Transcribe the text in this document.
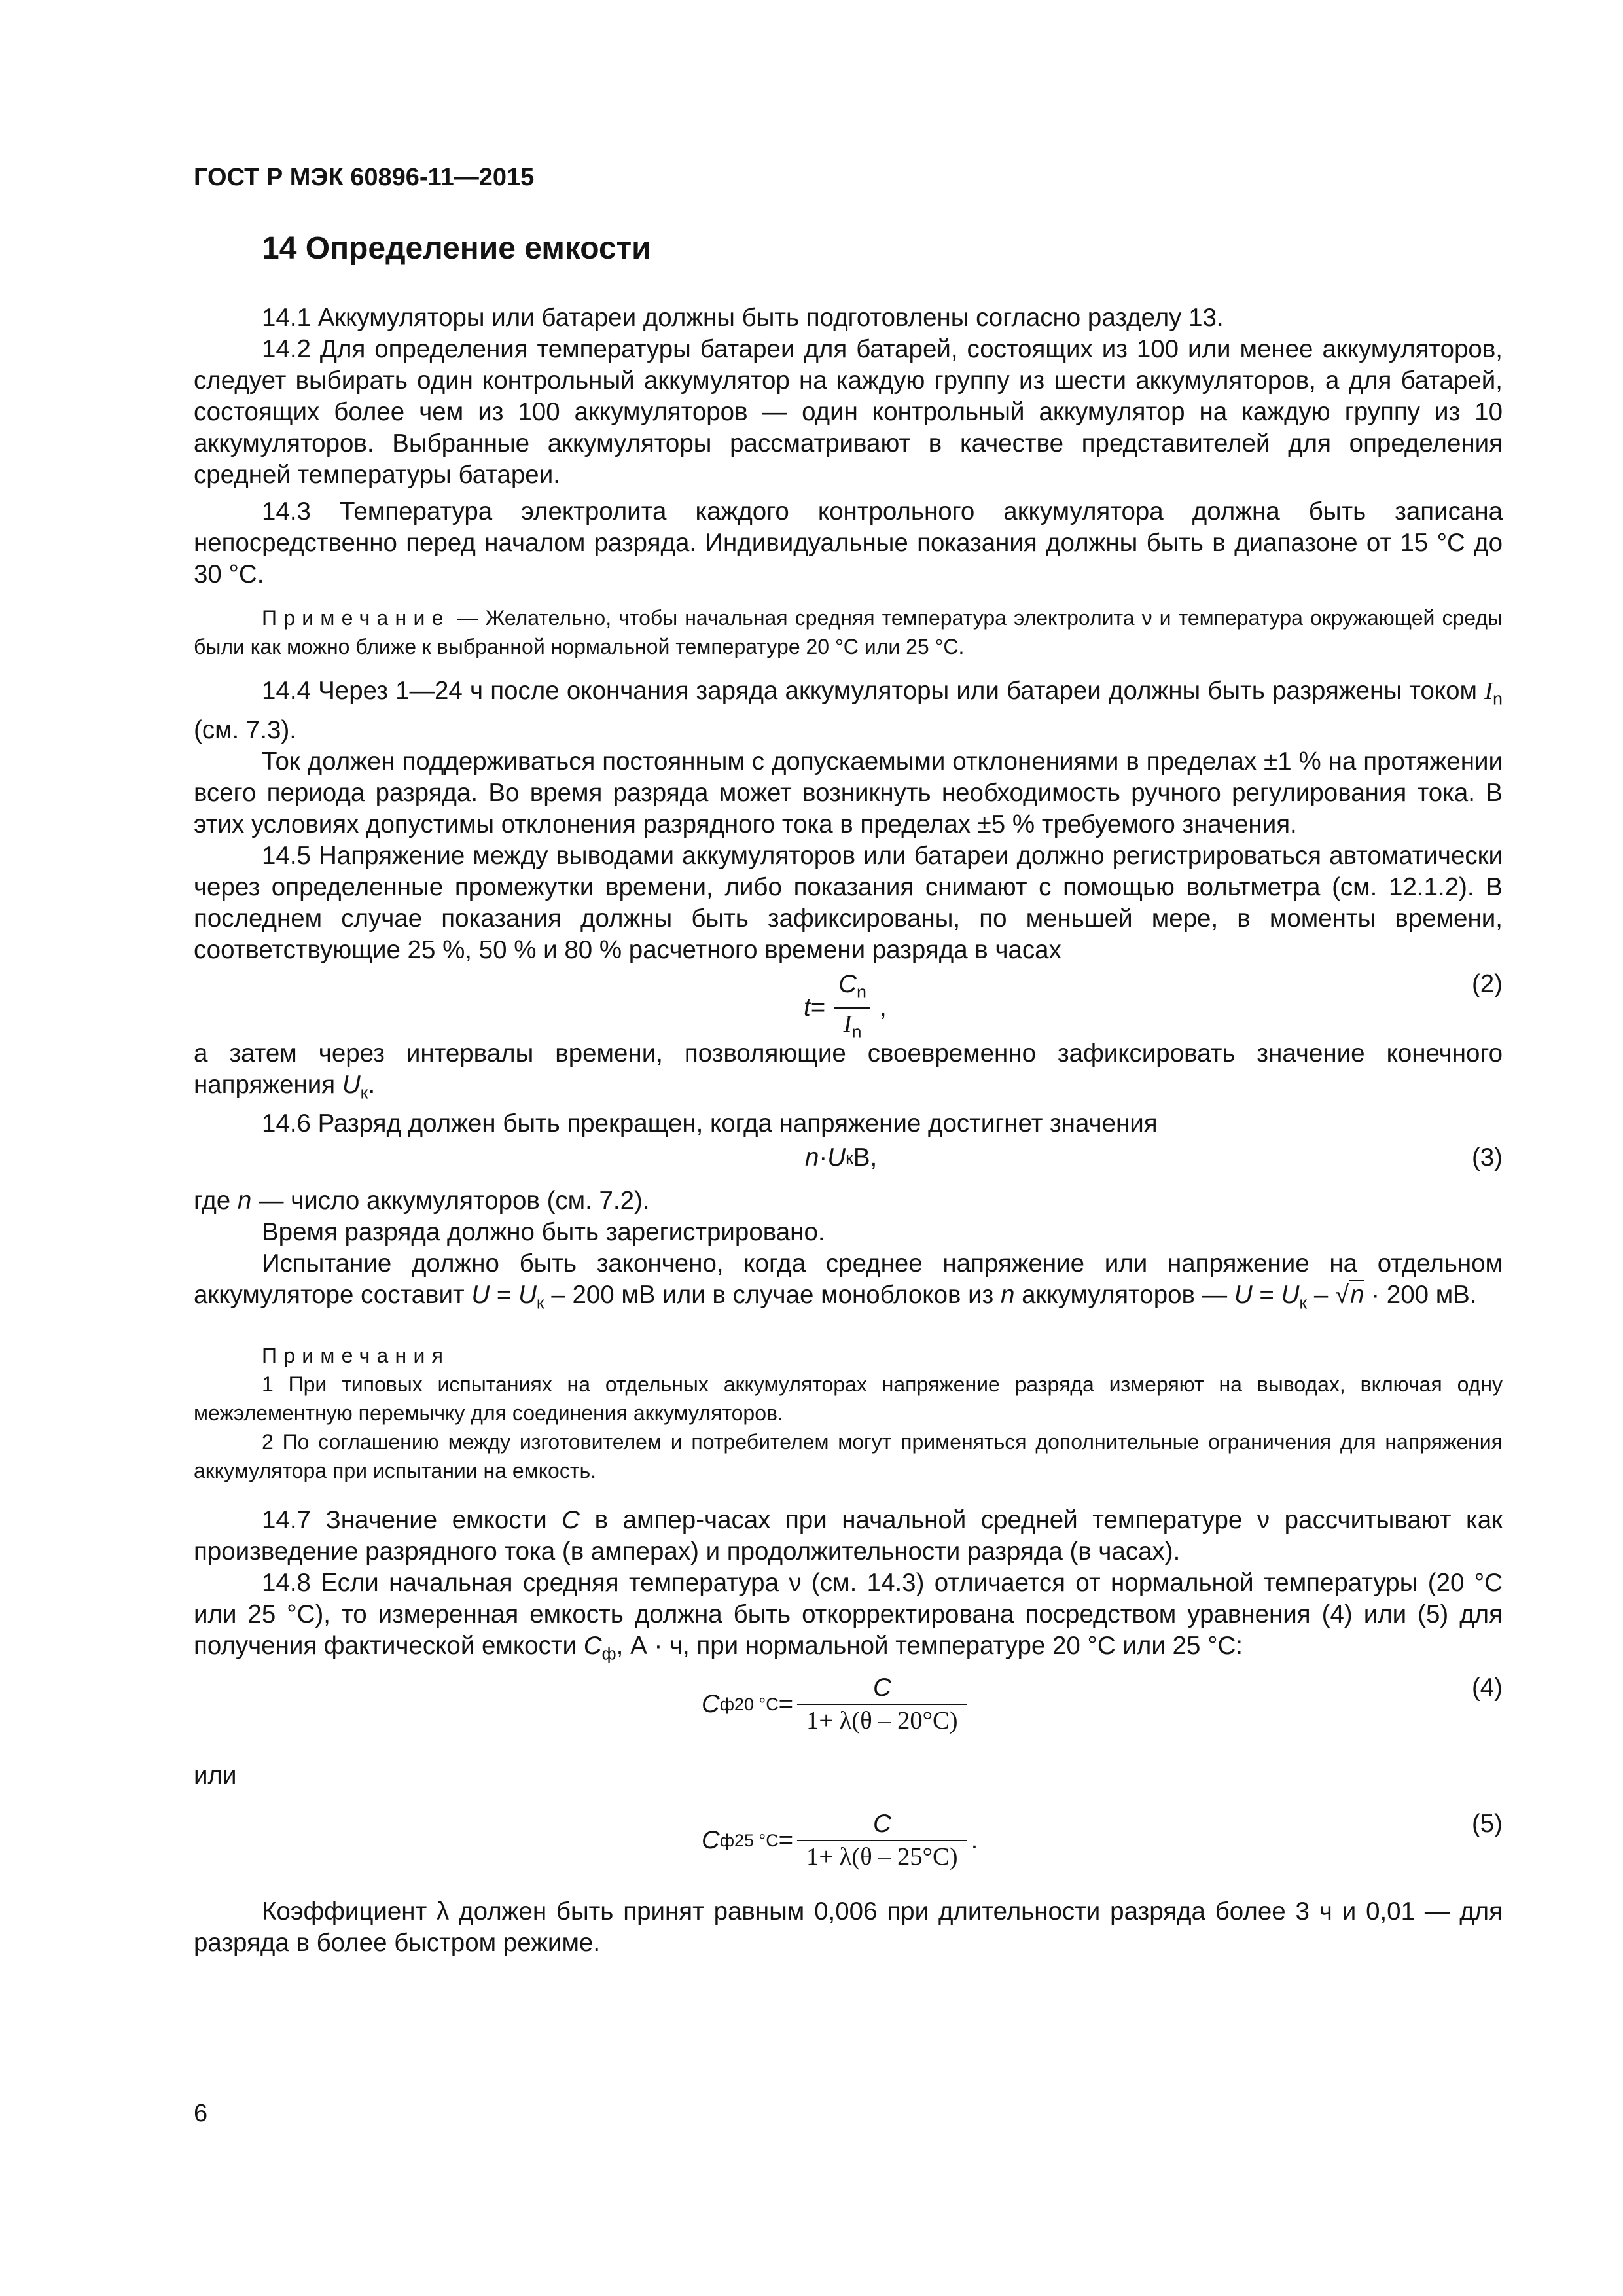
ГОСТ Р МЭК 60896-11—2015
14 Определение емкости

14.1 Аккумуляторы или батареи должны быть подготовлены согласно разделу 13.

14.2 Для определения температуры батареи для батарей, состоящих из 100 или менее аккумуляторов, следует выбирать один контрольный аккумулятор на каждую группу из шести аккумуляторов, а для батарей, состоящих более чем из 100 аккумуляторов — один контрольный аккумулятор на каждую группу из 10 аккумуляторов. Выбранные аккумуляторы рассматривают в качестве представителей для определения средней температуры батареи.

14.3 Температура электролита каждого контрольного аккумулятора должна быть записана непосредственно перед началом разряда. Индивидуальные показания должны быть в диапазоне от 15 °С до 30 °С.

Примечание — Желательно, чтобы начальная средняя температура электролита ν и температура окружающей среды были как можно ближе к выбранной нормальной температуре 20 °С или 25 °С.

14.4 Через 1—24 ч после окончания заряда аккумуляторы или батареи должны быть разряжены током $I_n$ (см. 7.3).

Ток должен поддерживаться постоянным с допускаемыми отклонениями в пределах ±1 % на протяжении всего периода разряда. Во время разряда может возникнуть необходимость ручного регулирования тока. В этих условиях допустимы отклонения разрядного тока в пределах ±5 % требуемого значения.

14.5 Напряжение между выводами аккумуляторов или батареи должно регистрироваться автоматически через определенные промежутки времени, либо показания снимают с помощью вольтметра (см. 12.1.2). В последнем случае показания должны быть зафиксированы, по меньшей мере, в моменты времени, соответствующие 25 %, 50 % и 80 % расчетного времени разряда в часах

$t = \frac{C_n}{I_n}$ ,
(2)

а затем через интервалы времени, позволяющие своевременно зафиксировать значение конечного напряжения $U_к$.

14.6 Разряд должен быть прекращен, когда напряжение достигнет значения

n · U к В,	(3)

где n — число аккумуляторов (см. 7.2).

Время разряда должно быть зарегистрировано.

Испытание должно быть закончено, когда среднее напряжение или напряжение на отдельном аккумуляторе составит $U = U_к - 200$ мВ или в случае моноблоков из n аккумуляторов — $U = U_к - √n \cdot 200$ мВ.

Примечания

1 При типовых испытаниях на отдельных аккумуляторах напряжение разряда измеряют на выводах, включая одну межэлементную перемычку для соединения аккумуляторов.

2 По соглашению между изготовителем и потребителем могут применяться дополнительные ограничения для напряжения аккумулятора при испытании на емкость.

14.7 Значение емкости C в ампер-часах при начальной средней температуре ν рассчитывают как произведение разрядного тока (в амперах) и продолжительности разряда (в часах).

14.8 Если начальная средняя температура ν (см. 14.3) отличается от нормальной температуры (20 °С или 25 °С), то измеренная емкость должна быть откорректирована посредством уравнения (4) или (5) для получения фактической емкости $C_ф$, А · ч, при нормальной температуре 20 °С или 25 °С:

C ф20 $^\circ С = \frac{C}{1+ \lambda(\theta - 20^\circ С)}$	(4)

или

C ф25 $^\circ С = \frac{C}{1+ \lambda(\theta - 25^\circ С)}$ .
(5)

Коэффициент λ должен быть принят равным 0,006 при длительности разряда более 3 ч и 0,01 — для разряда в более быстром режиме.

6
